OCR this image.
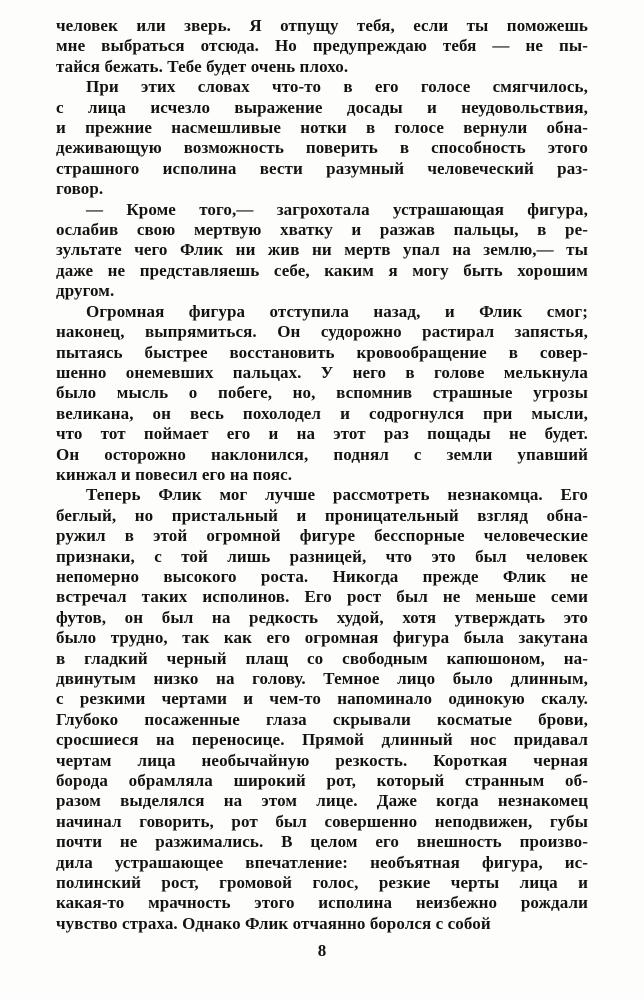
человек или зверь. Я отпущу тебя, если ты поможешь
мне выбраться отсюда. Но предупреждаю тебя — не пы-
тайся бежать. Тебе будет очень плохо.
При этих словах что-то в его голосе смягчилось,
с лица исчезло выражение досады и неудовольствия,
и прежние насмешливые нотки в голосе вернули обна-
деживающую возможность поверить в способность этого
страшного исполина вести разумный человеческий раз-
говор.
— Кроме того,— загрохотала устрашающая фигура,
ослабив свою мертвую хватку и разжав пальцы, в ре-
зультате чего Флик ни жив ни мертв упал на землю,— ты
даже не представляешь себе, каким я могу быть хорошим
другом.
Огромная фигура отступила назад, и Флик смог;
наконец, выпрямиться. Он судорожно растирал запястья,
пытаясь быстрее восстановить кровообращение в совер-
шенно онемевших пальцах. У него в голове мелькнула
было мысль о побеге, но, вспомнив страшные угрозы
великана, он весь похолодел и содрогнулся при мысли,
что тот поймает его и на этот раз пощады не будет.
Он осторожно наклонился, поднял с земли упавший
кинжал и повесил его на пояс.
Теперь Флик мог лучше рассмотреть незнакомца. Его
беглый, но пристальный и проницательный взгляд обна-
ружил в этой огромной фигуре бесспорные человеческие
признаки, с той лишь разницей, что это был человек
непомерно высокого роста. Никогда прежде Флик не
встречал таких исполинов. Его рост был не меньше семи
футов, он был на редкость худой, хотя утверждать это
было трудно, так как его огромная фигура была закутана
в гладкий черный плащ со свободным капюшоном, на-
двинутым низко на голову. Темное лицо было длинным,
с резкими чертами и чем-то напоминало одинокую скалу.
Глубоко посаженные глаза скрывали косматые брови,
сросшиеся на переносице. Прямой длинный нос придавал
чертам лица необычайную резкость. Короткая черная
борода обрамляла широкий рот, который странным об-
разом выделялся на этом лице. Даже когда незнакомец
начинал говорить, рот был совершенно неподвижен, губы
почти не разжимались. В целом его внешность произво-
дила устрашающее впечатление: необъятная фигура, ис-
полинский рост, громовой голос, резкие черты лица и
какая-то мрачность этого исполина неизбежно рождали
чувство страха. Однако Флик отчаянно боролся с собой
8
